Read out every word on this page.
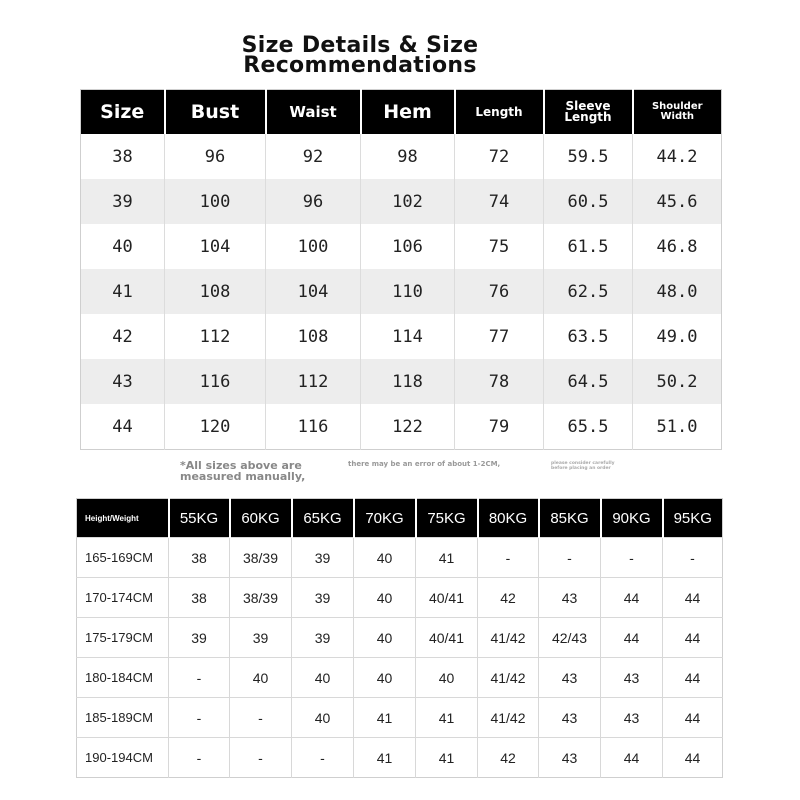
Size Details & Size
Recommendations
Size	Bust	Waist	Hem	Length	Sleeve Length	Shoulder Width
38	96	92	98	72	59.5	44.2
39	100	96	102	74	60.5	45.6
40	104	100	106	75	61.5	46.8
41	108	104	110	76	62.5	48.0
42	112	108	114	77	63.5	49.0
43	116	112	118	78	64.5	50.2
44	120	116	122	79	65.5	51.0
*All sizes above are measured manually,
there may be an error of about 1-2CM,	please consider carefully before placing an order
Height/Weight	55KG	60KG	65KG	70KG	75KG	80KG	85KG	90KG	95KG
165-169CM	38	38/39	39	40	41	-	-	-	-
170-174CM	38	38/39	39	40	40/41	42	43	44	44
175-179CM	39	39	39	40	40/41	41/42	42/43	44	44
180-184CM	-	40	40	40	40	41/42	43	43	44
185-189CM	-	-	40	41	41	41/42	43	43	44
190-194CM	-	-	-	41	41	42	43	44	44
